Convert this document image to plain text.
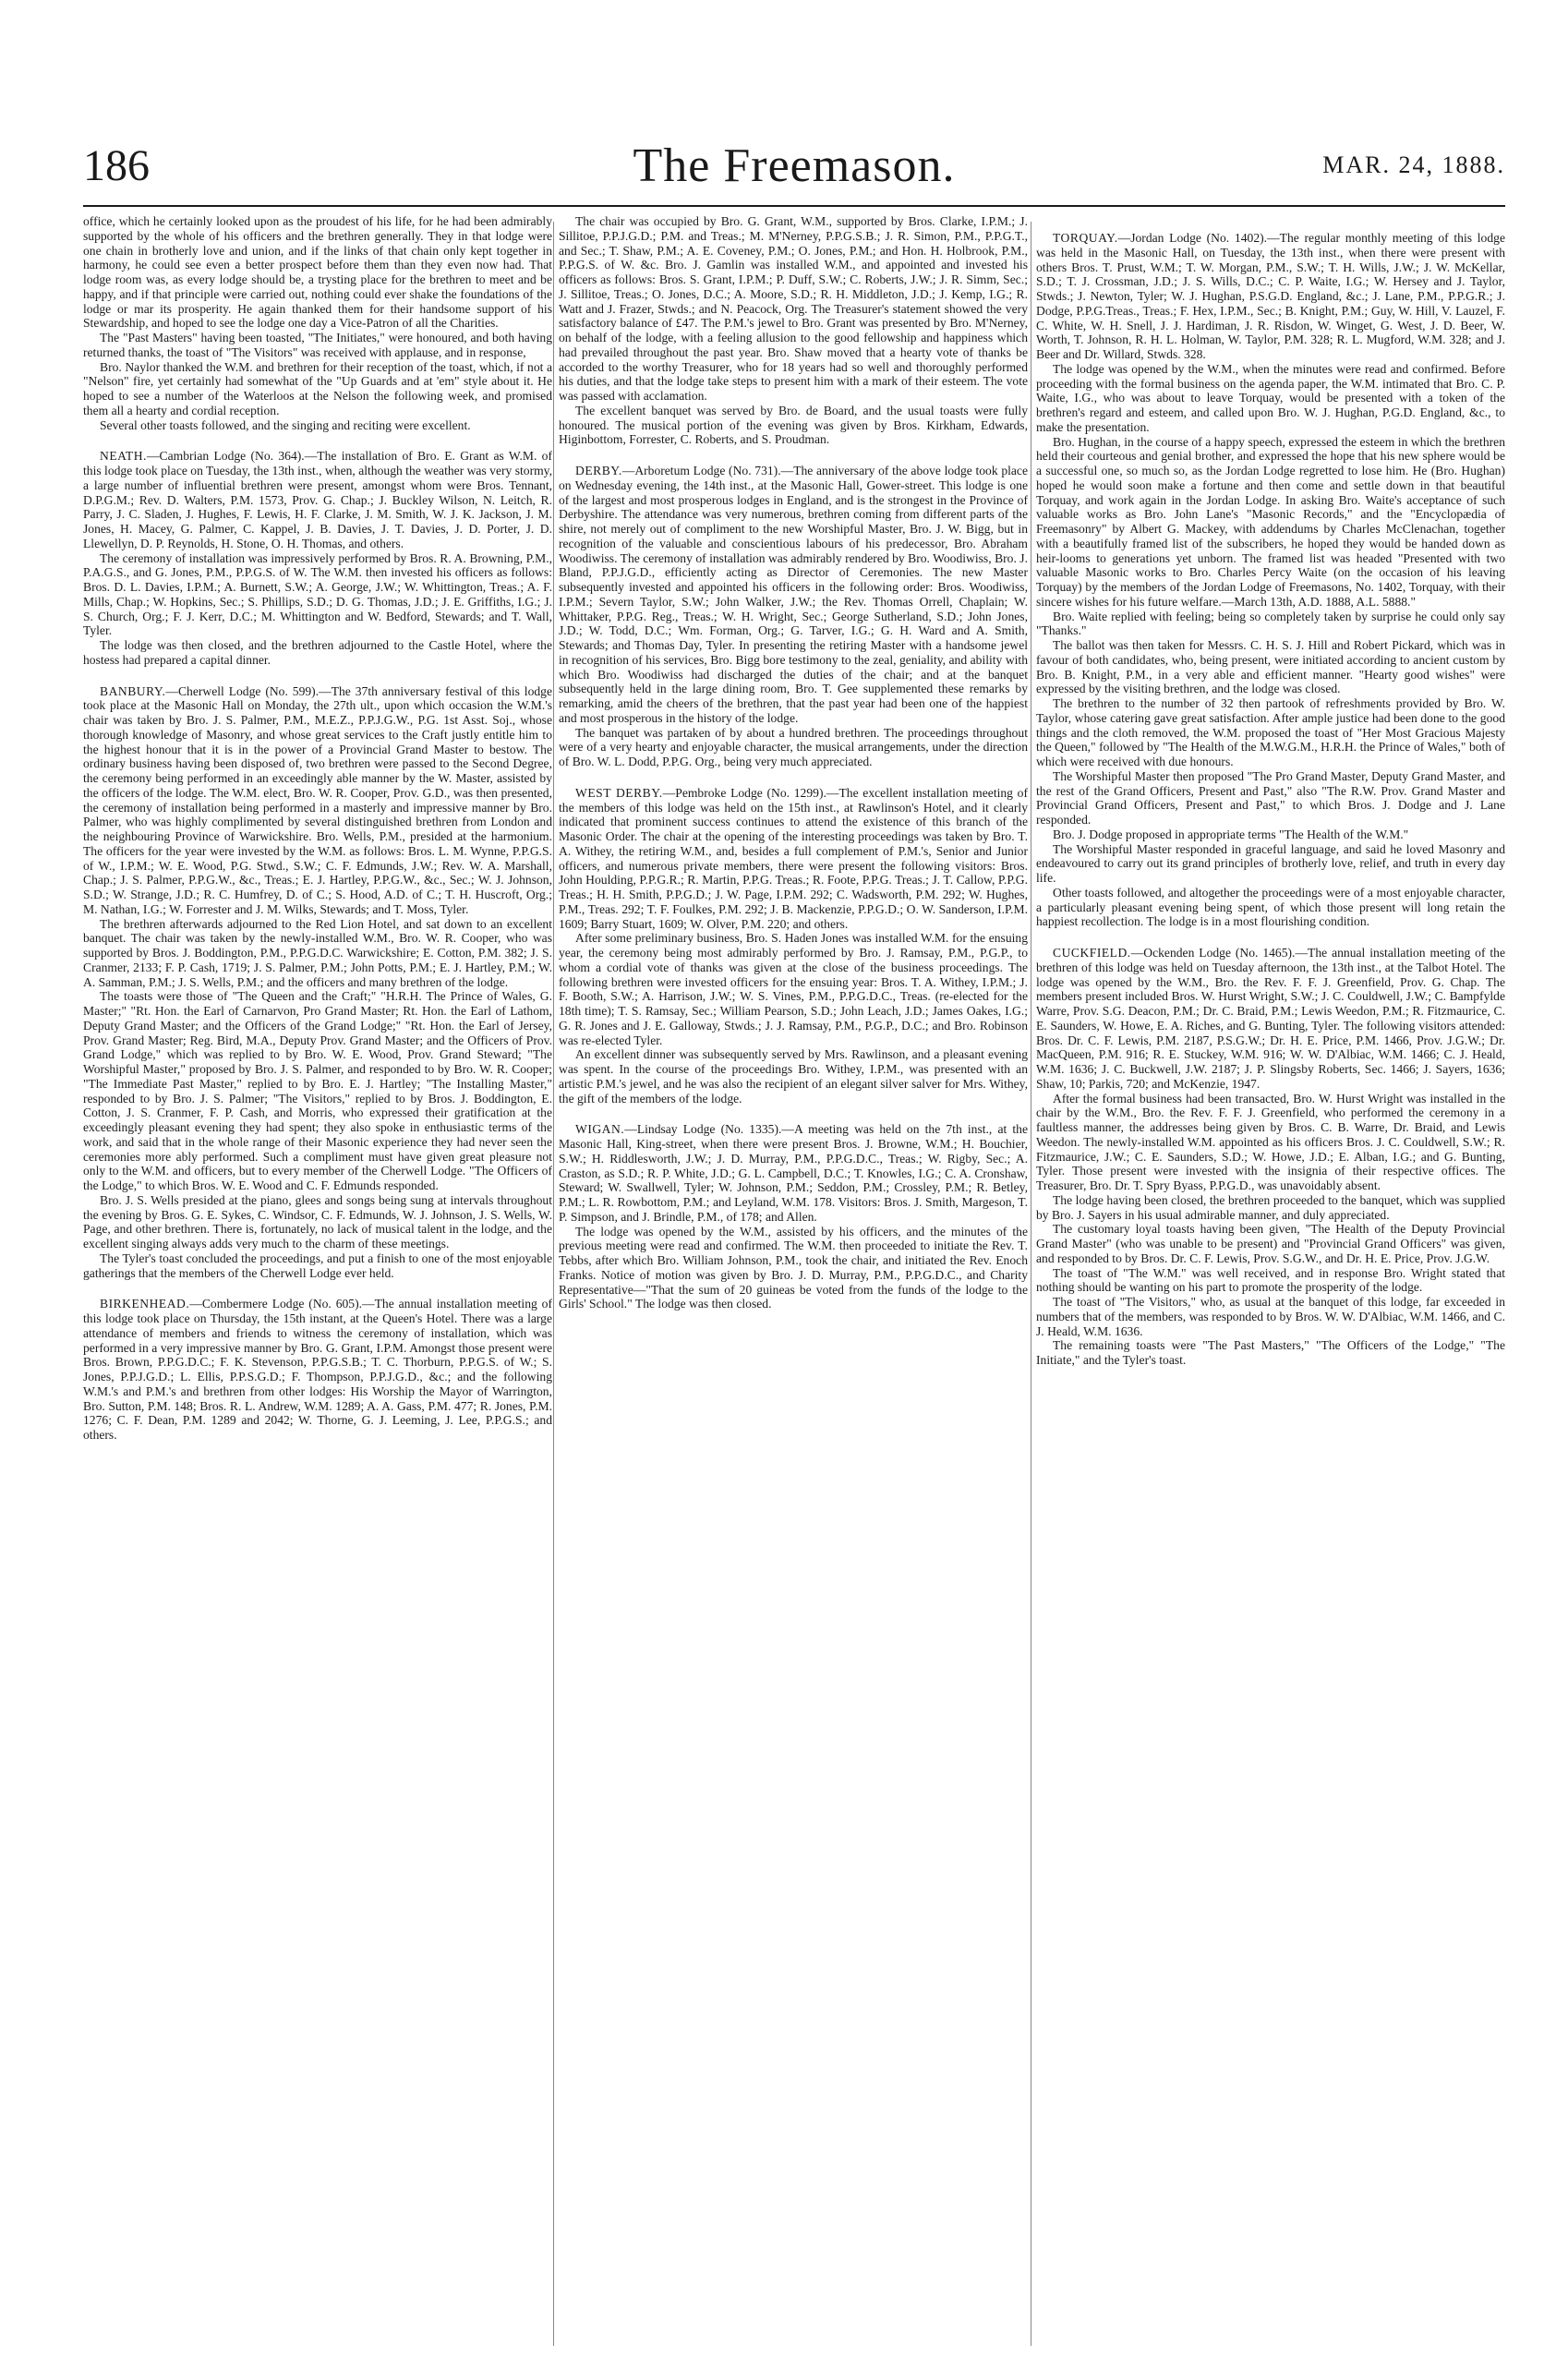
186	The Freemason.	MAR. 24, 1888.

office, which he certainly looked upon as the proudest of his life, for he had been admirably supported by the whole of his officers and the brethren generally. They in that lodge were one chain in brotherly love and union, and if the links of that chain only kept together in harmony, he could see even a better prospect before them than they even now had. That lodge room was, as every lodge should be, a trysting place for the brethren to meet and be happy, and if that principle were carried out, nothing could ever shake the foundations of the lodge or mar its prosperity. He again thanked them for their handsome support of his Stewardship, and hoped to see the lodge one day a Vice-Patron of all the Charities.

The "Past Masters" having been toasted, "The Initiates," were honoured, and both having returned thanks, the toast of "The Visitors" was received with applause, and in response,

Bro. Naylor thanked the W.M. and brethren for their reception of the toast, which, if not a "Nelson" fire, yet certainly had somewhat of the "Up Guards and at 'em" style about it. He hoped to see a number of the Waterloos at the Nelson the following week, and promised them all a hearty and cordial reception.

Several other toasts followed, and the singing and reciting were excellent.

NEATH.—Cambrian Lodge (No. 364).—The installation of Bro. E. Grant as W.M. of this lodge took place on Tuesday, the 13th inst., when, although the weather was very stormy, a large number of influential brethren were present, amongst whom were Bros. Tennant, D.P.G.M.; Rev. D. Walters, P.M. 1573, Prov. G. Chap.; J. Buckley Wilson, N. Leitch, R. Parry, J. C. Sladen, J. Hughes, F. Lewis, H. F. Clarke, J. M. Smith, W. J. K. Jackson, J. M. Jones, H. Macey, G. Palmer, C. Kappel, J. B. Davies, J. T. Davies, J. D. Porter, J. D. Llewellyn, D. P. Reynolds, H. Stone, O. H. Thomas, and others.

The ceremony of installation was impressively performed by Bros. R. A. Browning, P.M., P.A.G.S., and G. Jones, P.M., P.P.G.S. of W. The W.M. then invested his officers as follows: Bros. D. L. Davies, I.P.M.; A. Burnett, S.W.; A. George, J.W.; W. Whittington, Treas.; A. F. Mills, Chap.; W. Hopkins, Sec.; S. Phillips, S.D.; D. G. Thomas, J.D.; J. E. Griffiths, I.G.; J. S. Church, Org.; F. J. Kerr, D.C.; M. Whittington and W. Bedford, Stewards; and T. Wall, Tyler.

The lodge was then closed, and the brethren adjourned to the Castle Hotel, where the hostess had prepared a capital dinner.

BANBURY.—Cherwell Lodge (No. 599).—The 37th anniversary festival of this lodge took place at the Masonic Hall on Monday, the 27th ult., upon which occasion the W.M.'s chair was taken by Bro. J. S. Palmer, P.M., M.E.Z., P.P.J.G.W., P.G. 1st Asst. Soj., whose thorough knowledge of Masonry, and whose great services to the Craft justly entitle him to the highest honour that it is in the power of a Provincial Grand Master to bestow. The ordinary business having been disposed of, two brethren were passed to the Second Degree, the ceremony being performed in an exceedingly able manner by the W. Master, assisted by the officers of the lodge. The W.M. elect, Bro. W. R. Cooper, Prov. G.D., was then presented, the ceremony of installation being performed in a masterly and impressive manner by Bro. Palmer, who was highly complimented by several distinguished brethren from London and the neighbouring Province of Warwickshire. Bro. Wells, P.M., presided at the harmonium. The officers for the year were invested by the W.M. as follows: Bros. L. M. Wynne, P.P.G.S. of W., I.P.M.; W. E. Wood, P.G. Stwd., S.W.; C. F. Edmunds, J.W.; Rev. W. A. Marshall, Chap.; J. S. Palmer, P.P.G.W., &c., Treas.; E. J. Hartley, P.P.G.W., &c., Sec.; W. J. Johnson, S.D.; W. Strange, J.D.; R. C. Humfrey, D. of C.; S. Hood, A.D. of C.; T. H. Huscroft, Org.; M. Nathan, I.G.; W. Forrester and J. M. Wilks, Stewards; and T. Moss, Tyler.

The brethren afterwards adjourned to the Red Lion Hotel, and sat down to an excellent banquet. The chair was taken by the newly-installed W.M., Bro. W. R. Cooper, who was supported by Bros. J. Boddington, P.M., P.P.G.D.C. Warwickshire; E. Cotton, P.M. 382; J. S. Cranmer, 2133; F. P. Cash, 1719; J. S. Palmer, P.M.; John Potts, P.M.; E. J. Hartley, P.M.; W. A. Samman, P.M.; J. S. Wells, P.M.; and the officers and many brethren of the lodge.

The toasts were those of "The Queen and the Craft;" "H.R.H. The Prince of Wales, G. Master;" "Rt. Hon. the Earl of Carnarvon, Pro Grand Master; Rt. Hon. the Earl of Lathom, Deputy Grand Master; and the Officers of the Grand Lodge;" "Rt. Hon. the Earl of Jersey, Prov. Grand Master; Reg. Bird, M.A., Deputy Prov. Grand Master; and the Officers of Prov. Grand Lodge," which was replied to by Bro. W. E. Wood, Prov. Grand Steward; "The Worshipful Master," proposed by Bro. J. S. Palmer, and responded to by Bro. W. R. Cooper; "The Immediate Past Master," replied to by Bro. E. J. Hartley; "The Installing Master," responded to by Bro. J. S. Palmer; "The Visitors," replied to by Bros. J. Boddington, E. Cotton, J. S. Cranmer, F. P. Cash, and Morris, who expressed their gratification at the exceedingly pleasant evening they had spent; they also spoke in enthusiastic terms of the work, and said that in the whole range of their Masonic experience they had never seen the ceremonies more ably performed. Such a compliment must have given great pleasure not only to the W.M. and officers, but to every member of the Cherwell Lodge. "The Officers of the Lodge," to which Bros. W. E. Wood and C. F. Edmunds responded.

Bro. J. S. Wells presided at the piano, glees and songs being sung at intervals throughout the evening by Bros. G. E. Sykes, C. Windsor, C. F. Edmunds, W. J. Johnson, J. S. Wells, W. Page, and other brethren. There is, fortunately, no lack of musical talent in the lodge, and the excellent singing always adds very much to the charm of these meetings.

The Tyler's toast concluded the proceedings, and put a finish to one of the most enjoyable gatherings that the members of the Cherwell Lodge ever held.

BIRKENHEAD.—Combermere Lodge (No. 605).—The annual installation meeting of this lodge took place on Thursday, the 15th instant, at the Queen's Hotel. There was a large attendance of members and friends to witness the ceremony of installation, which was performed in a very impressive manner by Bro. G. Grant, I.P.M. Amongst those present were Bros. Brown, P.P.G.D.C.; F. K. Stevenson, P.P.G.S.B.; T. C. Thorburn, P.P.G.S. of W.; S. Jones, P.P.J.G.D.; L. Ellis, P.P.S.G.D.; F. Thompson, P.P.J.G.D., &c.; and the following W.M.'s and P.M.'s and brethren from other lodges: His Worship the Mayor of Warrington, Bro. Sutton, P.M. 148; Bros. R. L. Andrew, W.M. 1289; A. A. Gass, P.M. 477; R. Jones, P.M. 1276; C. F. Dean, P.M. 1289 and 2042; W. Thorne, G. J. Leeming, J. Lee, P.P.G.S.; and others.

The chair was occupied by Bro. G. Grant, W.M., supported by Bros. Clarke, I.P.M.; J. Sillitoe, P.P.J.G.D.; P.M. and Treas.; M. M'Nerney, P.P.G.S.B.; J. R. Simon, P.M., P.P.G.T., and Sec.; T. Shaw, P.M.; A. E. Coveney, P.M.; O. Jones, P.M.; and Hon. H. Holbrook, P.M., P.P.G.S. of W. &c. Bro. J. Gamlin was installed W.M., and appointed and invested his officers as follows: Bros. S. Grant, I.P.M.; P. Duff, S.W.; C. Roberts, J.W.; J. R. Simm, Sec.; J. Sillitoe, Treas.; O. Jones, D.C.; A. Moore, S.D.; R. H. Middleton, J.D.; J. Kemp, I.G.; R. Watt and J. Frazer, Stwds.; and N. Peacock, Org. The Treasurer's statement showed the very satisfactory balance of £47. The P.M.'s jewel to Bro. Grant was presented by Bro. M'Nerney, on behalf of the lodge, with a feeling allusion to the good fellowship and happiness which had prevailed throughout the past year. Bro. Shaw moved that a hearty vote of thanks be accorded to the worthy Treasurer, who for 18 years had so well and thoroughly performed his duties, and that the lodge take steps to present him with a mark of their esteem. The vote was passed with acclamation.

The excellent banquet was served by Bro. de Board, and the usual toasts were fully honoured. The musical portion of the evening was given by Bros. Kirkham, Edwards, Higinbottom, Forrester, C. Roberts, and S. Proudman.

DERBY.—Arboretum Lodge (No. 731).—The anniversary of the above lodge took place on Wednesday evening, the 14th inst., at the Masonic Hall, Gower-street. This lodge is one of the largest and most prosperous lodges in England, and is the strongest in the Province of Derbyshire. The attendance was very numerous, brethren coming from different parts of the shire, not merely out of compliment to the new Worshipful Master, Bro. J. W. Bigg, but in recognition of the valuable and conscientious labours of his predecessor, Bro. Abraham Woodiwiss. The ceremony of installation was admirably rendered by Bro. Woodiwiss, Bro. J. Bland, P.P.J.G.D., efficiently acting as Director of Ceremonies. The new Master subsequently invested and appointed his officers in the following order: Bros. Woodiwiss, I.P.M.; Severn Taylor, S.W.; John Walker, J.W.; the Rev. Thomas Orrell, Chaplain; W. Whittaker, P.P.G. Reg., Treas.; W. H. Wright, Sec.; George Sutherland, S.D.; John Jones, J.D.; W. Todd, D.C.; Wm. Forman, Org.; G. Tarver, I.G.; G. H. Ward and A. Smith, Stewards; and Thomas Day, Tyler. In presenting the retiring Master with a handsome jewel in recognition of his services, Bro. Bigg bore testimony to the zeal, geniality, and ability with which Bro. Woodiwiss had discharged the duties of the chair; and at the banquet subsequently held in the large dining room, Bro. T. Gee supplemented these remarks by remarking, amid the cheers of the brethren, that the past year had been one of the happiest and most prosperous in the history of the lodge.

The banquet was partaken of by about a hundred brethren. The proceedings throughout were of a very hearty and enjoyable character, the musical arrangements, under the direction of Bro. W. L. Dodd, P.P.G. Org., being very much appreciated.

WEST DERBY.—Pembroke Lodge (No. 1299).—The excellent installation meeting of the members of this lodge was held on the 15th inst., at Rawlinson's Hotel, and it clearly indicated that prominent success continues to attend the existence of this branch of the Masonic Order. The chair at the opening of the interesting proceedings was taken by Bro. T. A. Withey, the retiring W.M., and, besides a full complement of P.M.'s, Senior and Junior officers, and numerous private members, there were present the following visitors: Bros. John Houlding, P.P.G.R.; R. Martin, P.P.G. Treas.; R. Foote, P.P.G. Treas.; J. T. Callow, P.P.G. Treas.; H. H. Smith, P.P.G.D.; J. W. Page, I.P.M. 292; C. Wadsworth, P.M. 292; W. Hughes, P.M., Treas. 292; T. F. Foulkes, P.M. 292; J. B. Mackenzie, P.P.G.D.; O. W. Sanderson, I.P.M. 1609; Barry Stuart, 1609; W. Olver, P.M. 220; and others.

After some preliminary business, Bro. S. Haden Jones was installed W.M. for the ensuing year, the ceremony being most admirably performed by Bro. J. Ramsay, P.M., P.G.P., to whom a cordial vote of thanks was given at the close of the business proceedings. The following brethren were invested officers for the ensuing year: Bros. T. A. Withey, I.P.M.; J. F. Booth, S.W.; A. Harrison, J.W.; W. S. Vines, P.M., P.P.G.D.C., Treas. (re-elected for the 18th time); T. S. Ramsay, Sec.; William Pearson, S.D.; John Leach, J.D.; James Oakes, I.G.; G. R. Jones and J. E. Galloway, Stwds.; J. J. Ramsay, P.M., P.G.P., D.C.; and Bro. Robinson was re-elected Tyler.

An excellent dinner was subsequently served by Mrs. Rawlinson, and a pleasant evening was spent. In the course of the proceedings Bro. Withey, I.P.M., was presented with an artistic P.M.'s jewel, and he was also the recipient of an elegant silver salver for Mrs. Withey, the gift of the members of the lodge.

WIGAN.—Lindsay Lodge (No. 1335).—A meeting was held on the 7th inst., at the Masonic Hall, King-street, when there were present Bros. J. Browne, W.M.; H. Bouchier, S.W.; H. Riddlesworth, J.W.; J. D. Murray, P.M., P.P.G.D.C., Treas.; W. Rigby, Sec.; A. Craston, as S.D.; R. P. White, J.D.; G. L. Campbell, D.C.; T. Knowles, I.G.; C. A. Cronshaw, Steward; W. Swallwell, Tyler; W. Johnson, P.M.; Seddon, P.M.; Crossley, P.M.; R. Betley, P.M.; L. R. Rowbottom, P.M.; and Leyland, W.M. 178. Visitors: Bros. J. Smith, Margeson, T. P. Simpson, and J. Brindle, P.M., of 178; and Allen.

The lodge was opened by the W.M., assisted by his officers, and the minutes of the previous meeting were read and confirmed. The W.M. then proceeded to initiate the Rev. T. Tebbs, after which Bro. William Johnson, P.M., took the chair, and initiated the Rev. Enoch Franks. Notice of motion was given by Bro. J. D. Murray, P.M., P.P.G.D.C., and Charity Representative—"That the sum of 20 guineas be voted from the funds of the lodge to the Girls' School." The lodge was then closed.

TORQUAY.—Jordan Lodge (No. 1402).—The regular monthly meeting of this lodge was held in the Masonic Hall, on Tuesday, the 13th inst., when there were present with others Bros. T. Prust, W.M.; T. W. Morgan, P.M., S.W.; T. H. Wills, J.W.; J. W. McKellar, S.D.; T. J. Crossman, J.D.; J. S. Wills, D.C.; C. P. Waite, I.G.; W. Hersey and J. Taylor, Stwds.; J. Newton, Tyler; W. J. Hughan, P.S.G.D. England, &c.; J. Lane, P.M., P.P.G.R.; J. Dodge, P.P.G.Treas., Treas.; F. Hex, I.P.M., Sec.; B. Knight, P.M.; Guy, W. Hill, V. Lauzel, F. C. White, W. H. Snell, J. J. Hardiman, J. R. Risdon, W. Winget, G. West, J. D. Beer, W. Worth, T. Johnson, R. H. L. Holman, W. Taylor, P.M. 328; R. L. Mugford, W.M. 328; and J. Beer and Dr. Willard, Stwds. 328.

The lodge was opened by the W.M., when the minutes were read and confirmed. Before proceeding with the formal business on the agenda paper, the W.M. intimated that Bro. C. P. Waite, I.G., who was about to leave Torquay, would be presented with a token of the brethren's regard and esteem, and called upon Bro. W. J. Hughan, P.G.D. England, &c., to make the presentation.

Bro. Hughan, in the course of a happy speech, expressed the esteem in which the brethren held their courteous and genial brother, and expressed the hope that his new sphere would be a successful one, so much so, as the Jordan Lodge regretted to lose him. He (Bro. Hughan) hoped he would soon make a fortune and then come and settle down in that beautiful Torquay, and work again in the Jordan Lodge. In asking Bro. Waite's acceptance of such valuable works as Bro. John Lane's "Masonic Records," and the "Encyclopædia of Freemasonry" by Albert G. Mackey, with addendums by Charles McClenachan, together with a beautifully framed list of the subscribers, he hoped they would be handed down as heir-looms to generations yet unborn. The framed list was headed "Presented with two valuable Masonic works to Bro. Charles Percy Waite (on the occasion of his leaving Torquay) by the members of the Jordan Lodge of Freemasons, No. 1402, Torquay, with their sincere wishes for his future welfare.—March 13th, A.D. 1888, A.L. 5888."

Bro. Waite replied with feeling; being so completely taken by surprise he could only say "Thanks."

The ballot was then taken for Messrs. C. H. S. J. Hill and Robert Pickard, which was in favour of both candidates, who, being present, were initiated according to ancient custom by Bro. B. Knight, P.M., in a very able and efficient manner. "Hearty good wishes" were expressed by the visiting brethren, and the lodge was closed.

The brethren to the number of 32 then partook of refreshments provided by Bro. W. Taylor, whose catering gave great satisfaction. After ample justice had been done to the good things and the cloth removed, the W.M. proposed the toast of "Her Most Gracious Majesty the Queen," followed by "The Health of the M.W.G.M., H.R.H. the Prince of Wales," both of which were received with due honours.

The Worshipful Master then proposed "The Pro Grand Master, Deputy Grand Master, and the rest of the Grand Officers, Present and Past," also "The R.W. Prov. Grand Master and Provincial Grand Officers, Present and Past," to which Bros. J. Dodge and J. Lane responded.

Bro. J. Dodge proposed in appropriate terms "The Health of the W.M."

The Worshipful Master responded in graceful language, and said he loved Masonry and endeavoured to carry out its grand principles of brotherly love, relief, and truth in every day life.

Other toasts followed, and altogether the proceedings were of a most enjoyable character, a particularly pleasant evening being spent, of which those present will long retain the happiest recollection. The lodge is in a most flourishing condition.

CUCKFIELD.—Ockenden Lodge (No. 1465).—The annual installation meeting of the brethren of this lodge was held on Tuesday afternoon, the 13th inst., at the Talbot Hotel. The lodge was opened by the W.M., Bro. the Rev. F. F. J. Greenfield, Prov. G. Chap. The members present included Bros. W. Hurst Wright, S.W.; J. C. Couldwell, J.W.; C. Bampfylde Warre, Prov. S.G. Deacon, P.M.; Dr. C. Braid, P.M.; Lewis Weedon, P.M.; R. Fitzmaurice, C. E. Saunders, W. Howe, E. A. Riches, and G. Bunting, Tyler. The following visitors attended: Bros. Dr. C. F. Lewis, P.M. 2187, P.S.G.W.; Dr. H. E. Price, P.M. 1466, Prov. J.G.W.; Dr. MacQueen, P.M. 916; R. E. Stuckey, W.M. 916; W. W. D'Albiac, W.M. 1466; C. J. Heald, W.M. 1636; J. C. Buckwell, J.W. 2187; J. P. Slingsby Roberts, Sec. 1466; J. Sayers, 1636; Shaw, 10; Parkis, 720; and McKenzie, 1947.

After the formal business had been transacted, Bro. W. Hurst Wright was installed in the chair by the W.M., Bro. the Rev. F. F. J. Greenfield, who performed the ceremony in a faultless manner, the addresses being given by Bros. C. B. Warre, Dr. Braid, and Lewis Weedon. The newly-installed W.M. appointed as his officers Bros. J. C. Couldwell, S.W.; R. Fitzmaurice, J.W.; C. E. Saunders, S.D.; W. Howe, J.D.; E. Alban, I.G.; and G. Bunting, Tyler. Those present were invested with the insignia of their respective offices. The Treasurer, Bro. Dr. T. Spry Byass, P.P.G.D., was unavoidably absent.

The lodge having been closed, the brethren proceeded to the banquet, which was supplied by Bro. J. Sayers in his usual admirable manner, and duly appreciated.

The customary loyal toasts having been given, "The Health of the Deputy Provincial Grand Master" (who was unable to be present) and "Provincial Grand Officers" was given, and responded to by Bros. Dr. C. F. Lewis, Prov. S.G.W., and Dr. H. E. Price, Prov. J.G.W.

The toast of "The W.M." was well received, and in response Bro. Wright stated that nothing should be wanting on his part to promote the prosperity of the lodge.

The toast of "The Visitors," who, as usual at the banquet of this lodge, far exceeded in numbers that of the members, was responded to by Bros. W. W. D'Albiac, W.M. 1466, and C. J. Heald, W.M. 1636.

The remaining toasts were "The Past Masters," "The Officers of the Lodge," "The Initiate," and the Tyler's toast.
